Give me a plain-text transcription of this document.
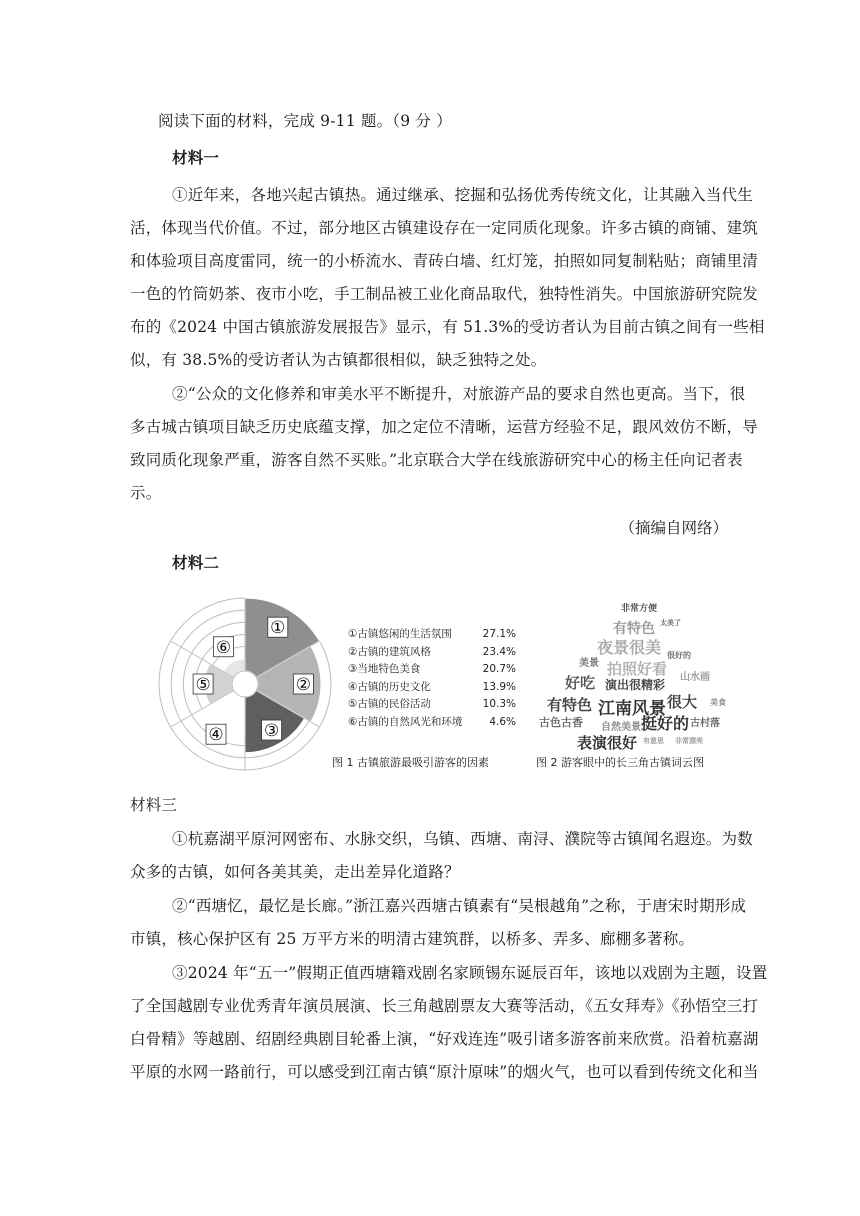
阅读下面的材料，完成 9-11 题。（9 分 ）
材料一
①近年来，各地兴起古镇热。通过继承、挖掘和弘扬优秀传统文化，让其融入当代生
活，体现当代价值。不过，部分地区古镇建设存在一定同质化现象。许多古镇的商铺、建筑
和体验项目高度雷同，统一的小桥流水、青砖白墙、红灯笼，拍照如同复制粘贴；商铺里清
一色的竹筒奶茶、夜市小吃，手工制品被工业化商品取代，独特性消失。中国旅游研究院发
布的《2024 中国古镇旅游发展报告》显示，有 51.3%的受访者认为目前古镇之间有一些相
似，有 38.5%的受访者认为古镇都很相似，缺乏独特之处。
②“公众的文化修养和审美水平不断提升，对旅游产品的要求自然也更高。当下，很
多古城古镇项目缺乏历史底蕴支撑，加之定位不清晰，运营方经验不足，跟风效仿不断，导
致同质化现象严重，游客自然不买账。”北京联合大学在线旅游研究中心的杨主任向记者表
示。
（摘编自网络）
材料二
①
②
③
④
⑤
⑥
①古镇悠闲的生活氛围	27.1%
②古镇的建筑风格	23.4%
③当地特色美食	20.7%
④古镇的历史文化	13.9%
⑤古镇的民俗活动	10.3%
⑥古镇的自然风光和环境	4.6%
图 1 古镇旅游最吸引游客的因素
非常方便
有特色 太美了
夜景很美
美景
好吃
拍照好看
演出很精彩
很好的
山水画
有特色 江南风景 很大
古色古香 自然美景 挺好的 古村落
表演很好
美食
有意思 非常漂亮
图 2 游客眼中的长三角古镇词云图
材料三
①杭嘉湖平原河网密布、水脉交织，乌镇、西塘、南浔、濮院等古镇闻名遐迩。为数
众多的古镇，如何各美其美，走出差异化道路？
②“西塘忆，最忆是长廊。”浙江嘉兴西塘古镇素有“吴根越角”之称，于唐宋时期形成
市镇，核心保护区有 25 万平方米的明清古建筑群，以桥多、弄多、廊棚多著称。
③2024 年“五一”假期正值西塘籍戏剧名家顾锡东诞辰百年，该地以戏剧为主题，设置
了全国越剧专业优秀青年演员展演、长三角越剧票友大赛等活动，《五女拜寿》《孙悟空三打
白骨精》等越剧、绍剧经典剧目轮番上演，“好戏连连”吸引诸多游客前来欣赏。沿着杭嘉湖
平原的水网一路前行，可以感受到江南古镇“原汁原味”的烟火气，也可以看到传统文化和当
